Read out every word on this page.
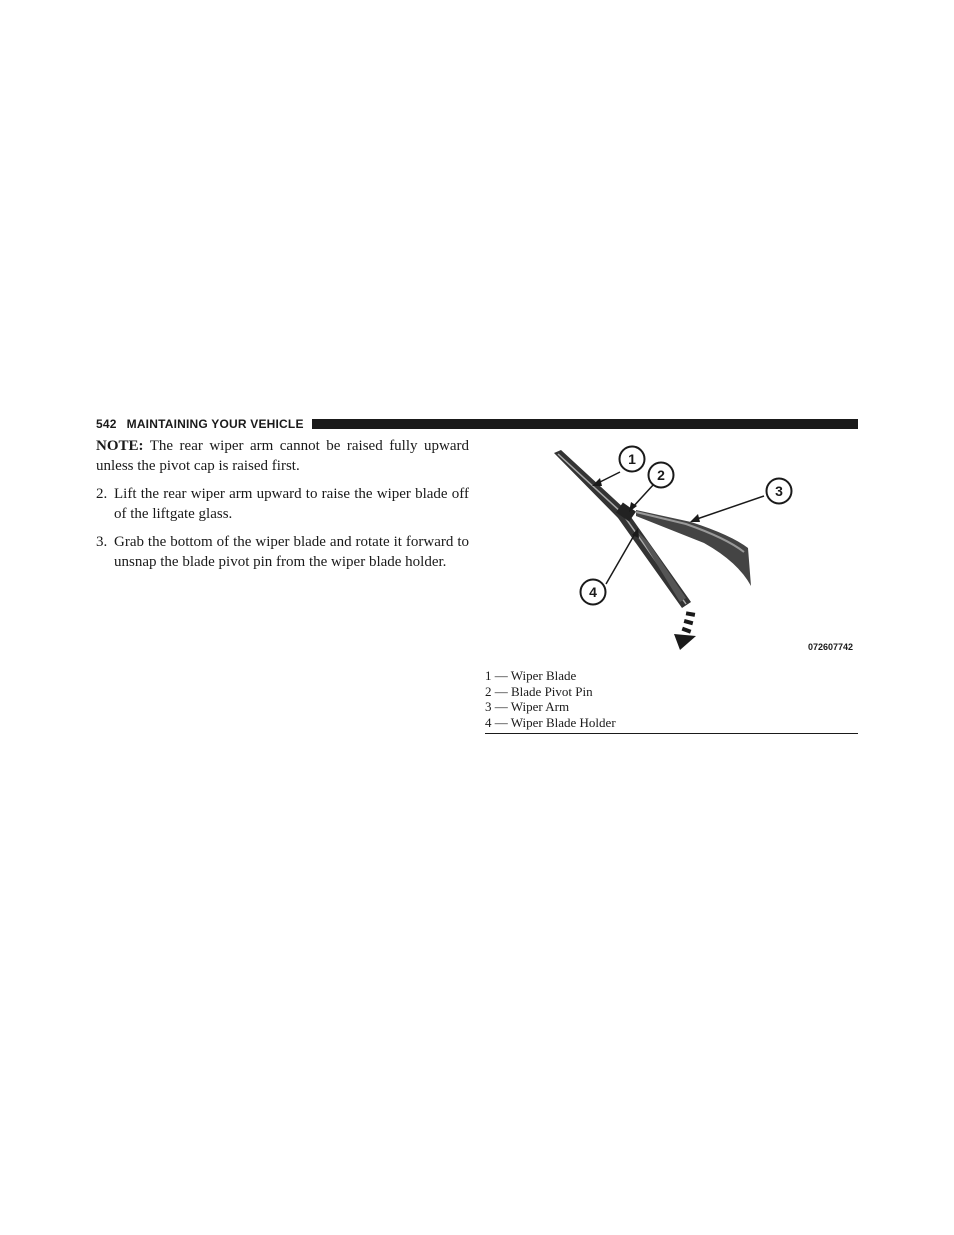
542 MAINTAINING YOUR VEHICLE

NOTE: The rear wiper arm cannot be raised fully upward unless the pivot cap is raised first.

2. Lift the rear wiper arm upward to raise the wiper blade off of the liftgate glass.
3. Grab the bottom of the wiper blade and rotate it forward to unsnap the blade pivot pin from the wiper blade holder.
1
2
3
4
072607742
1 — Wiper Blade
2 — Blade Pivot Pin
3 — Wiper Arm
4 — Wiper Blade Holder
